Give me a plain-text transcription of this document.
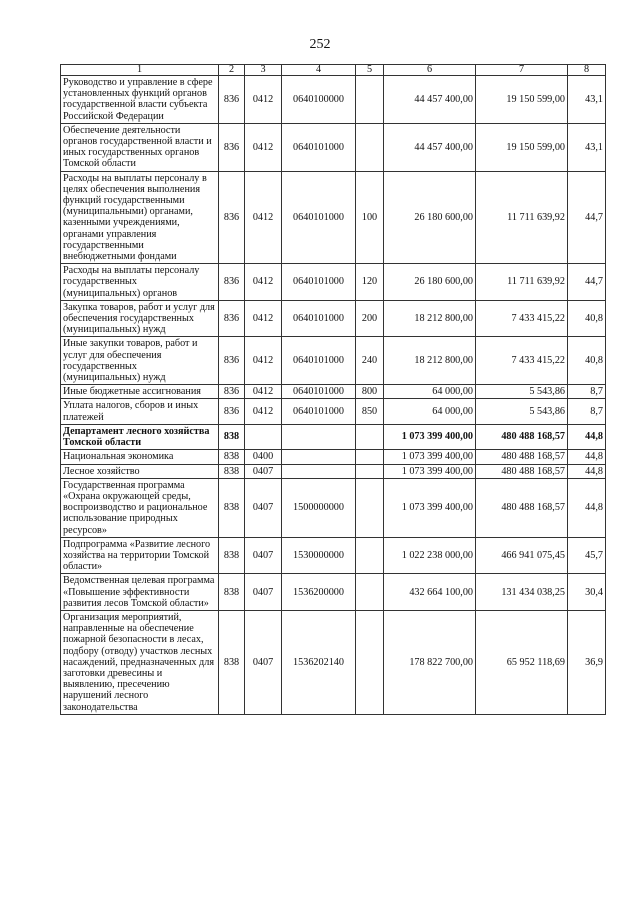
252
1	2	3	4	5	6	7	8
Руководство и управление в сфере установленных функций органов государственной власти субъекта Российской Федерации	836	0412	0640100000		44 457 400,00	19 150 599,00	43,1
Обеспечение деятельности органов государственной власти и иных государственных органов Томской области	836	0412	0640101000		44 457 400,00	19 150 599,00	43,1
Расходы на выплаты персоналу в целях обеспечения выполнения функций государственными (муниципальными) органами, казенными учреждениями, органами управления государственными внебюджетными фондами	836	0412	0640101000	100	26 180 600,00	11 711 639,92	44,7
Расходы на выплаты персоналу государственных (муниципальных) органов	836	0412	0640101000	120	26 180 600,00	11 711 639,92	44,7
Закупка товаров, работ и услуг для обеспечения государственных (муниципальных) нужд	836	0412	0640101000	200	18 212 800,00	7 433 415,22	40,8
Иные закупки товаров, работ и услуг для обеспечения государственных (муниципальных) нужд	836	0412	0640101000	240	18 212 800,00	7 433 415,22	40,8
Иные бюджетные ассигнования	836	0412	0640101000	800	64 000,00	5 543,86	8,7
Уплата налогов, сборов и иных платежей	836	0412	0640101000	850	64 000,00	5 543,86	8,7
Департамент лесного хозяйства Томской области	838				1 073 399 400,00	480 488 168,57	44,8
Национальная экономика	838	0400			1 073 399 400,00	480 488 168,57	44,8
Лесное хозяйство	838	0407			1 073 399 400,00	480 488 168,57	44,8
Государственная программа «Охрана окружающей среды, воспроизводство и рациональное использование природных ресурсов»	838	0407	1500000000		1 073 399 400,00	480 488 168,57	44,8
Подпрограмма «Развитие лесного хозяйства на территории Томской области»	838	0407	1530000000		1 022 238 000,00	466 941 075,45	45,7
Ведомственная целевая программа «Повышение эффективности развития лесов Томской области»	838	0407	1536200000		432 664 100,00	131 434 038,25	30,4
Организация мероприятий, направленные на обеспечение пожарной безопасности в лесах, подбору (отводу) участков лесных насаждений, предназначенных для заготовки древесины и выявлению, пресечению нарушений лесного законодательства	838	0407	1536202140		178 822 700,00	65 952 118,69	36,9
